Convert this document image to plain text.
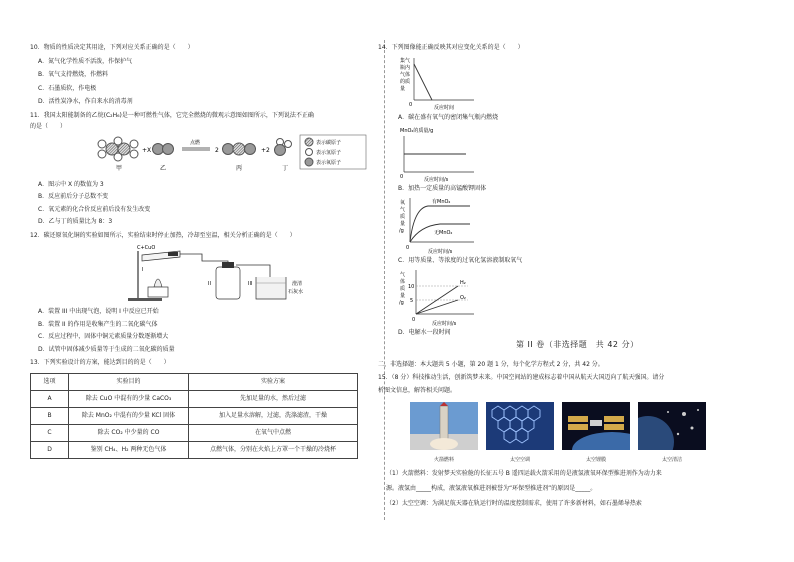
10．物质的性质决定其用途，下列对应关系正确的是（　　）
A．氮气化学性质不活泼，作保护气
B．氧气支持燃烧，作燃料
C．石墨质软，作电极
D．活性炭净水，作自来水的消毒剂
11．我国太阳能制备的乙烷(C₂H₆)是一种可燃性气体，它完全燃烧的微观示意图如图所示，下列说法不正确
的是（　　）
+X
点燃
2	+2
甲	乙	丙	丁
表示碳原子
表示氢原子
表示氧原子
A．图示中 X 的数值为 3
B．反应前后分子总数不变
C．氧元素的化合价反应前后没有发生改变
D．乙与丁的质量比为 8：3
12．碳还原氧化铜的实验如图所示，实验结束时停止加热，冷却至室温，相关分析正确的是（　　）
C+CuO
I
II	III	澄清
石灰水
A．装置 III 中出现气泡，说明 I 中反应已开始
B．装置 II 的作用是收集产生的二氧化碳气体
C．反应过程中，固体中铜元素质量分数逐渐增大
D．试管中固体减少质量等于生成的二氧化碳的质量
13．下列实验设计的方案，能达到目的的是（　　）
选项	实验目的	实验方案
A	除去 CuO 中混有的少量 CaCO₃	先加足量的水，然后过滤
B	除去 MnO₂ 中混有的少量 KCl 固体	加入足量水溶解，过滤，洗涤滤渣，干燥
C	除去 CO₂ 中少量的 CO	在氧气中点燃
D	鉴别 CH₄、H₂ 两种无色气体	点燃气体，分别在火焰上方罩一个干燥的冷烧杯
14．下列图像能正确反映其对应变化关系的是（　　）
集气
瓶内
气体
的质
量
0	反应时间
A．碳在盛有氧气的密闭集气瓶内燃烧
MnO₂的质量/g
0	反应时间/s
B．加热一定质量的高锰酸钾固体
氧
气
质
量
/g
有MnO₂
无MnO₂
0
反应时间/s
C．用等质量、等浓度的过氧化氢溶液制取氧气
气
体
质
量
/g
10
5
H₂
O₂
0
反应时间/s
D．电解水一段时间
第 II 卷（非选择题　共 42 分）
二、非选择题：本大题共 5 小题，第 20 题 1 分，每个化学方程式 2 分，共 42 分。
15．（8 分）科技推动生活，创新筑梦未来。中国空间站的建成标志着中国从航天大国迈向了航天强国。请分
析图文信息，解答相关问题。
火箭燃料	太空空调	太空锂膜	太空清洁
（1）火箭燃料：发射梦天实验舱的长征五号 B 遥四运载火箭采用的是液氢液氧环保型推进剂作为动力来
源。液氢由_____构成，液氢液氧推进剂被誉为“环保型推进剂”的原因是_____。
（2）太空空调：为满足航天器在轨运行时的温度控制需求，使用了许多新材料，如石墨烯导热索
